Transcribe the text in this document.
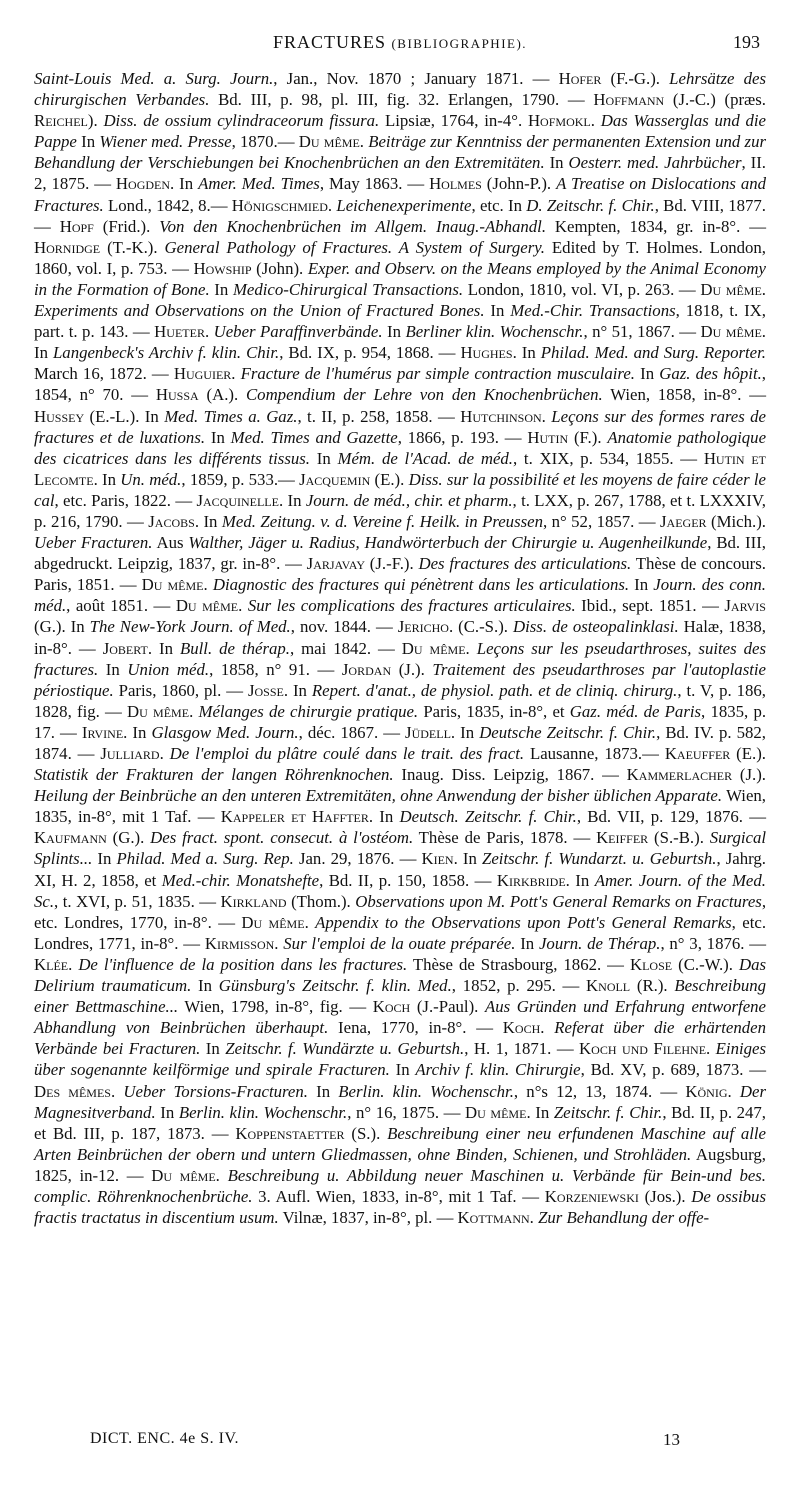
FRACTURES (BIBLIOGRAPHIE).	193

Saint-Louis Med. a. Surg. Journ., Jan., Nov. 1870 ; January 1871. — Hofer (F.-G.). Lehrsätze des chirurgischen Verbandes. Bd. III, p. 98, pl. III, fig. 32. Erlangen, 1790. — Hoffmann (J.-C.) (præs. Reichel). Diss. de ossium cylindraceorum fissura. Lipsiæ, 1764, in-4°. Hofmokl. Das Wasserglas und die Pappe In Wiener med. Presse, 1870.— Du même. Beiträge zur Kenntniss der permanenten Extension und zur Behandlung der Verschiebungen bei Knochenbrüchen an den Extremitäten. In Oesterr. med. Jahrbücher, II. 2, 1875. — Hogden. In Amer. Med. Times, May 1863. — Holmes (John-P.). A Treatise on Dislocations and Fractures. Lond., 1842, 8.— Hönigschmied. Leichenexperimente, etc. In D. Zeitschr. f. Chir., Bd. VIII, 1877.— Hopf (Frid.). Von den Knochenbrüchen im Allgem. Inaug.-Abhandl. Kempten, 1834, gr. in-8°. —Hornidge (T.-K.). General Pathology of Fractures. A System of Surgery. Edited by T. Holmes. London, 1860, vol. I, p. 753. — Howship (John). Exper. and Observ. on the Means employed by the Animal Economy in the Formation of Bone. In Medico-Chirurgical Transactions. London, 1810, vol. VI, p. 263. — Du même. Experiments and Observations on the Union of Fractured Bones. In Med.-Chir. Transactions, 1818, t. IX, part. t. p. 143. — Hueter. Ueber Paraffinverbände. In Berliner klin. Wochenschr., n° 51, 1867. — Du même. In Langenbeck's Archiv f. klin. Chir., Bd. IX, p. 954, 1868. — Hughes. In Philad. Med. and Surg. Reporter. March 16, 1872. — Huguier. Fracture de l'humérus par simple contraction musculaire. In Gaz. des hôpit., 1854, n° 70. — Hussa (A.). Compendium der Lehre von den Knochenbrüchen. Wien, 1858, in-8°. — Hussey (E.-L.). In Med. Times a. Gaz., t. II, p. 258, 1858. — Hutchinson. Leçons sur des formes rares de fractures et de luxations. In Med. Times and Gazette, 1866, p. 193. — Hutin (F.). Anatomie pathologique des cicatrices dans les différents tissus. In Mém. de l'Acad. de méd., t. XIX, p. 534, 1855. — Hutin et Lecomte. In Un. méd., 1859, p. 533.— Jacquemin (E.). Diss. sur la possibilité et les moyens de faire céder le cal, etc. Paris, 1822. — Jacquinelle. In Journ. de méd., chir. et pharm., t. LXX, p. 267, 1788, et t. LXXXIV, p. 216, 1790. — Jacobs. In Med. Zeitung. v. d. Vereine f. Heilk. in Preussen, n° 52, 1857. — Jaeger (Mich.). Ueber Fracturen. Aus Walther, Jäger u. Radius, Handwörterbuch der Chirurgie u. Augenheilkunde, Bd. III, abgedruckt. Leipzig, 1837, gr. in-8°. — Jarjavay (J.-F.). Des fractures des articulations. Thèse de concours. Paris, 1851. — Du même. Diagnostic des fractures qui pénètrent dans les articulations. In Journ. des conn. méd., août 1851. — Du même. Sur les complications des fractures articulaires. Ibid., sept. 1851. — Jarvis (G.). In The New-York Journ. of Med., nov. 1844. — Jericho. (C.-S.). Diss. de osteopalinklasi. Halæ, 1838, in-8°. — Jobert. In Bull. de thérap., mai 1842. — Du même. Leçons sur les pseudarthroses, suites des fractures. In Union méd., 1858, n° 91. — Jordan (J.). Traitement des pseudarthroses par l'autoplastie périostique. Paris, 1860, pl. — Josse. In Repert. d'anat., de physiol. path. et de cliniq. chirurg., t. V, p. 186, 1828, fig. — Du même. Mélanges de chirurgie pratique. Paris, 1835, in-8°, et Gaz. méd. de Paris, 1835, p. 17. — Irvine. In Glasgow Med. Journ., déc. 1867. — Jüdell. In Deutsche Zeitschr. f. Chir., Bd. IV. p. 582, 1874. — Julliard. De l'emploi du plâtre coulé dans le trait. des fract. Lausanne, 1873.— Kaeuffer (E.). Statistik der Frakturen der langen Röhrenknochen. Inaug. Diss. Leipzig, 1867. — Kammerlacher (J.). Heilung der Beinbrüche an den unteren Extremitäten, ohne Anwendung der bisher üblichen Apparate. Wien, 1835, in-8°, mit 1 Taf. — Kappeler et Haffter. In Deutsch. Zeitschr. f. Chir., Bd. VII, p. 129, 1876. — Kaufmann (G.). Des fract. spont. consecut. à l'ostéom. Thèse de Paris, 1878. — Keiffer (S.-B.). Surgical Splints... In Philad. Med a. Surg. Rep. Jan. 29, 1876. — Kien. In Zeitschr. f. Wundarzt. u. Geburtsh., Jahrg. XI, H. 2, 1858, et Med.-chir. Monatshefte, Bd. II, p. 150, 1858. — Kirkbride. In Amer. Journ. of the Med. Sc., t. XVI, p. 51, 1835. — Kirkland (Thom.). Observations upon M. Pott's General Remarks on Fractures, etc. Londres, 1770, in-8°. — Du même. Appendix to the Observations upon Pott's General Remarks, etc. Londres, 1771, in-8°. — Kirmisson. Sur l'emploi de la ouate préparée. In Journ. de Thérap., n° 3, 1876. — Klée. De l'influence de la position dans les fractures. Thèse de Strasbourg, 1862. — Klose (C.-W.). Das Delirium traumaticum. In Günsburg's Zeitschr. f. klin. Med., 1852, p. 295. — Knoll (R.). Beschreibung einer Bettmaschine... Wien, 1798, in-8°, fig. — Koch (J.-Paul). Aus Gründen und Erfahrung entworfene Abhandlung von Beinbrüchen überhaupt. Iena, 1770, in-8°. — Koch. Referat über die erhärtenden Verbände bei Fracturen. In Zeitschr. f. Wundärzte u. Geburtsh., H. 1, 1871. — Koch und Filehne. Einiges über sogenannte keilförmige und spirale Fracturen. In Archiv f. klin. Chirurgie, Bd. XV, p. 689, 1873. — Des mêmes. Ueber Torsions-Fracturen. In Berlin. klin. Wochenschr., n°s 12, 13, 1874. — König. Der Magnesitverband. In Berlin. klin. Wochenschr., n° 16, 1875. — Du même. In Zeitschr. f. Chir., Bd. II, p. 247, et Bd. III, p. 187, 1873. — Koppenstaetter (S.). Beschreibung einer neu erfundenen Maschine auf alle Arten Beinbrüchen der obern und untern Gliedmassen, ohne Binden, Schienen, und Strohläden. Augsburg, 1825, in-12. — Du même. Beschreibung u. Abbildung neuer Maschinen u. Verbände für Bein-und bes. complic. Röhrenknochenbrüche. 3. Aufl. Wien, 1833, in-8°, mit 1 Taf. — Korzeniewski (Jos.). De ossibus fractis tractatus in discentium usum. Vilnæ, 1837, in-8°, pl. — Kottmann. Zur Behandlung der offe-

DICT. ENC. 4e S. IV.	13
